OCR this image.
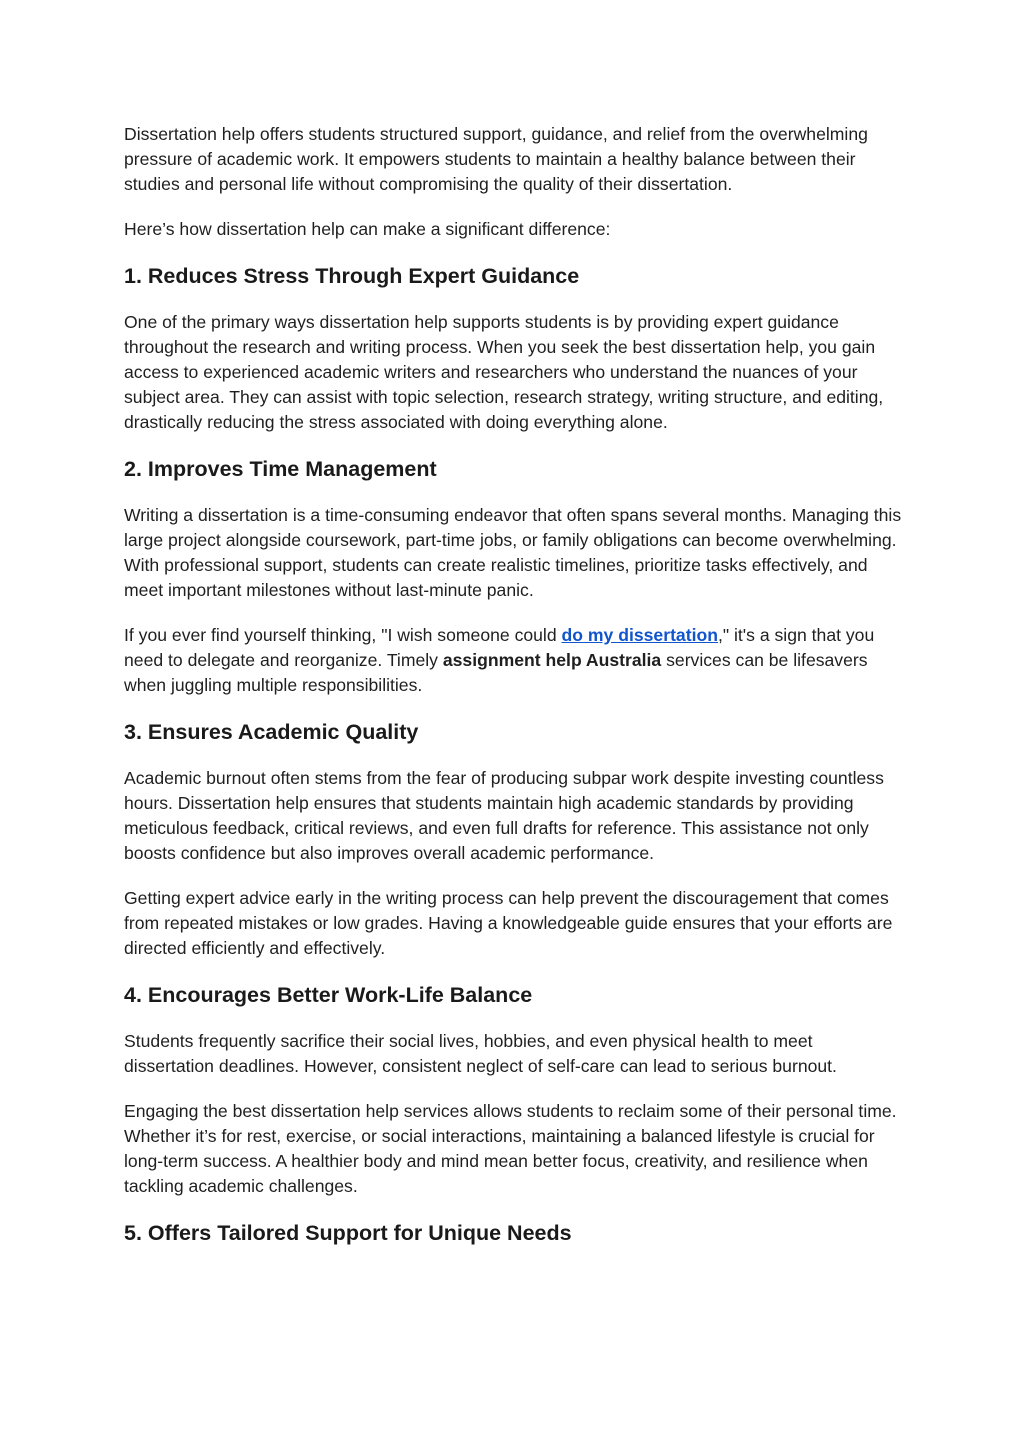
Dissertation help offers students structured support, guidance, and relief from the overwhelming pressure of academic work. It empowers students to maintain a healthy balance between their studies and personal life without compromising the quality of their dissertation.

Here’s how dissertation help can make a significant difference:

1. Reduces Stress Through Expert Guidance

One of the primary ways dissertation help supports students is by providing expert guidance throughout the research and writing process. When you seek the best dissertation help, you gain access to experienced academic writers and researchers who understand the nuances of your subject area. They can assist with topic selection, research strategy, writing structure, and editing, drastically reducing the stress associated with doing everything alone.

2. Improves Time Management

Writing a dissertation is a time-consuming endeavor that often spans several months. Managing this large project alongside coursework, part-time jobs, or family obligations can become overwhelming. With professional support, students can create realistic timelines, prioritize tasks effectively, and meet important milestones without last-minute panic.

If you ever find yourself thinking, "I wish someone could do my dissertation," it's a sign that you need to delegate and reorganize. Timely assignment help Australia services can be lifesavers when juggling multiple responsibilities.

3. Ensures Academic Quality

Academic burnout often stems from the fear of producing subpar work despite investing countless hours. Dissertation help ensures that students maintain high academic standards by providing meticulous feedback, critical reviews, and even full drafts for reference. This assistance not only boosts confidence but also improves overall academic performance.

Getting expert advice early in the writing process can help prevent the discouragement that comes from repeated mistakes or low grades. Having a knowledgeable guide ensures that your efforts are directed efficiently and effectively.

4. Encourages Better Work-Life Balance

Students frequently sacrifice their social lives, hobbies, and even physical health to meet dissertation deadlines. However, consistent neglect of self-care can lead to serious burnout.

Engaging the best dissertation help services allows students to reclaim some of their personal time. Whether it’s for rest, exercise, or social interactions, maintaining a balanced lifestyle is crucial for long-term success. A healthier body and mind mean better focus, creativity, and resilience when tackling academic challenges.

5. Offers Tailored Support for Unique Needs
